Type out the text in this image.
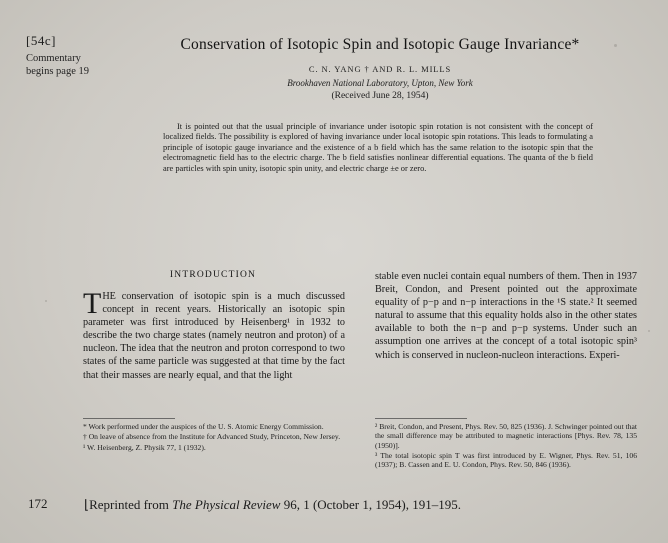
[54c]
Commentary begins page 19
Conservation of Isotopic Spin and Isotopic Gauge Invariance*
C. N. YANG † AND R. L. MILLS
Brookhaven National Laboratory, Upton, New York
(Received June 28, 1954)
It is pointed out that the usual principle of invariance under isotopic spin rotation is not consistent with the concept of localized fields. The possibility is explored of having invariance under local isotopic spin rotations. This leads to formulating a principle of isotopic gauge invariance and the existence of a b field which has the same relation to the isotopic spin that the electromagnetic field has to the electric charge. The b field satisfies nonlinear differential equations. The quanta of the b field are particles with spin unity, isotopic spin unity, and electric charge ±e or zero.
INTRODUCTION
THE conservation of isotopic spin is a much discussed concept in recent years. Historically an isotopic spin parameter was first introduced by Heisenberg¹ in 1932 to describe the two charge states (namely neutron and proton) of a nucleon. The idea that the neutron and proton correspond to two states of the same particle was suggested at that time by the fact that their masses are nearly equal, and that the light
stable even nuclei contain equal numbers of them. Then in 1937 Breit, Condon, and Present pointed out the approximate equality of p−p and n−p interactions in the ¹S state.² It seemed natural to assume that this equality holds also in the other states available to both the n−p and p−p systems. Under such an assumption one arrives at the concept of a total isotopic spin³ which is conserved in nucleon-nucleon interactions. Experi-
* Work performed under the auspices of the U. S. Atomic Energy Commission.
† On leave of absence from the Institute for Advanced Study, Princeton, New Jersey.
¹ W. Heisenberg, Z. Physik 77, 1 (1932).
² Breit, Condon, and Present, Phys. Rev. 50, 825 (1936). J. Schwinger pointed out that the small difference may be attributed to magnetic interactions [Phys. Rev. 78, 135 (1950)].
³ The total isotopic spin T was first introduced by E. Wigner, Phys. Rev. 51, 106 (1937); B. Cassen and E. U. Condon, Phys. Rev. 50, 846 (1936).
172	⌊Reprinted from The Physical Review 96, 1 (October 1, 1954), 191–195.
